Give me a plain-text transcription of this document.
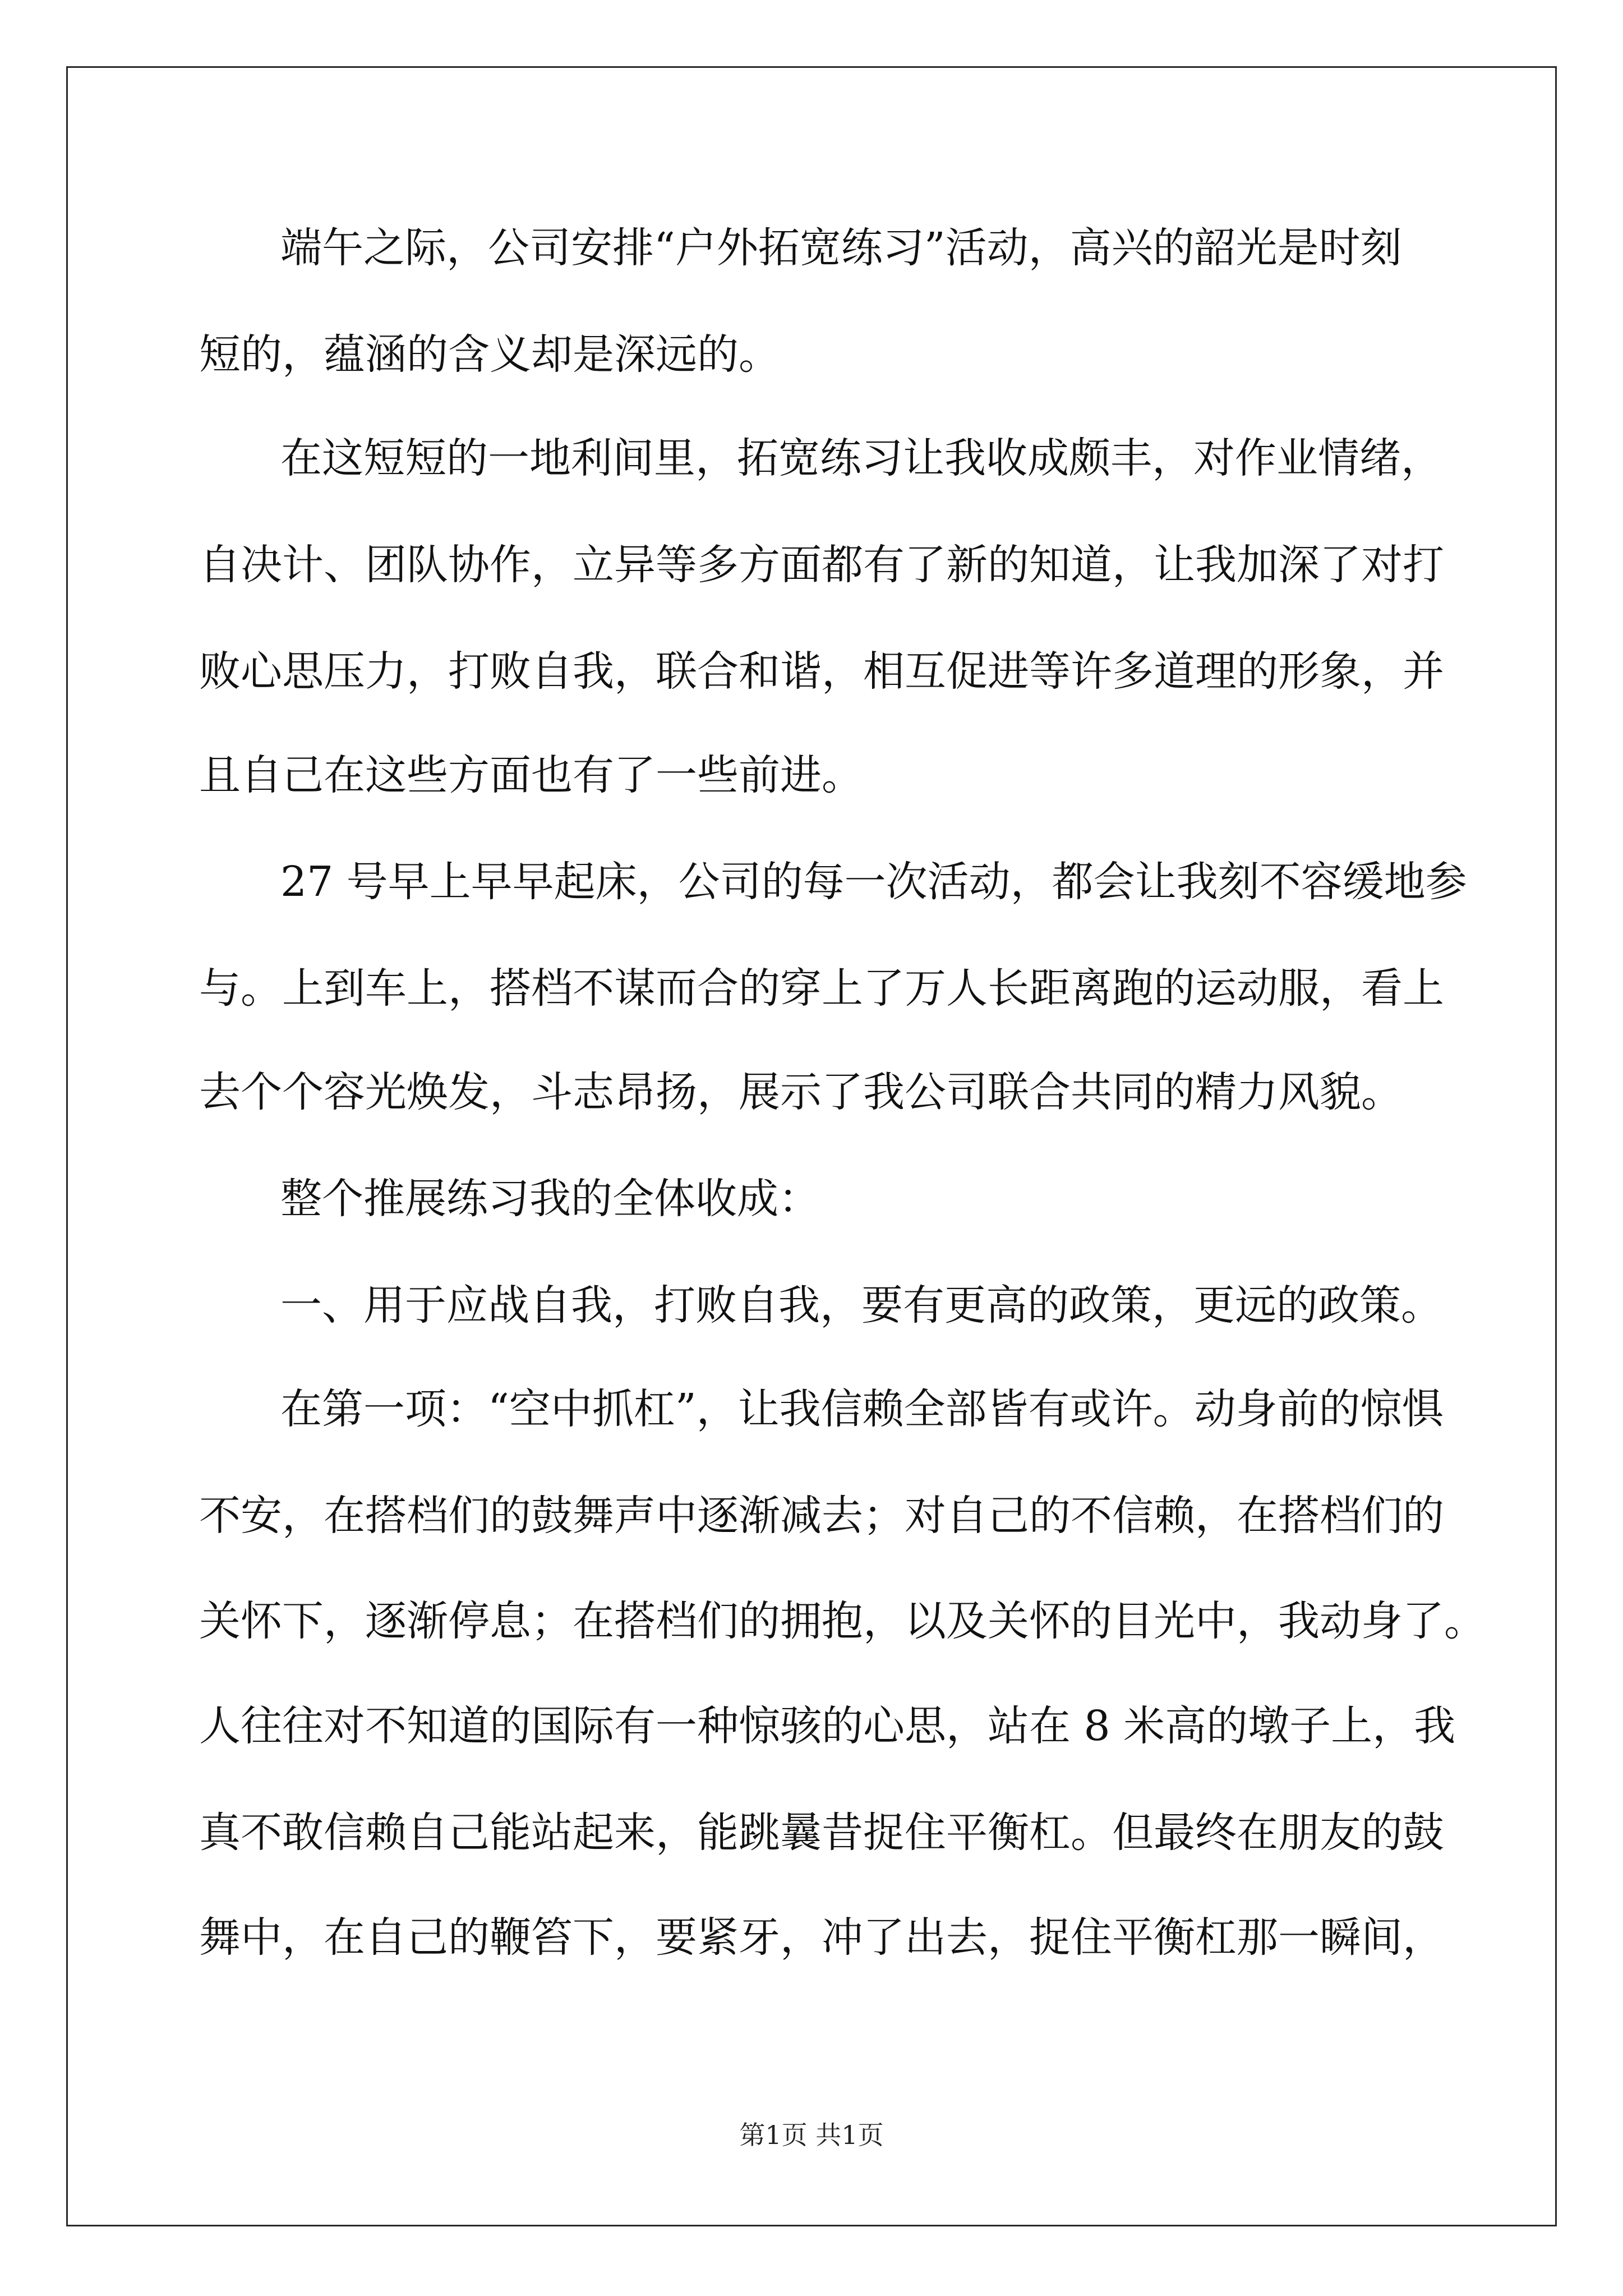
端午之际，公司安排“户外拓宽练习”活动，高兴的韶光是时刻
短的，蕴涵的含义却是深远的。
在这短短的一地利间里，拓宽练习让我收成颇丰，对作业情绪，
自决计、团队协作，立异等多方面都有了新的知道，让我加深了对打
败心思压力，打败自我，联合和谐，相互促进等许多道理的形象，并
且自己在这些方面也有了一些前进。
27 号早上早早起床，公司的每一次活动，都会让我刻不容缓地参
与。上到车上，搭档不谋而合的穿上了万人长距离跑的运动服，看上
去个个容光焕发，斗志昂扬，展示了我公司联合共同的精力风貌。
整个推展练习我的全体收成：
一、用于应战自我，打败自我，要有更高的政策，更远的政策。
在第一项：“空中抓杠”，让我信赖全部皆有或许。动身前的惊惧
不安，在搭档们的鼓舞声中逐渐减去；对自己的不信赖，在搭档们的
关怀下，逐渐停息；在搭档们的拥抱，以及关怀的目光中，我动身了。
人往往对不知道的国际有一种惊骇的心思，站在 8 米高的墩子上，我
真不敢信赖自己能站起来，能跳曩昔捉住平衡杠。但最终在朋友的鼓
舞中，在自己的鞭笞下，要紧牙，冲了出去，捉住平衡杠那一瞬间，
第1页 共1页
